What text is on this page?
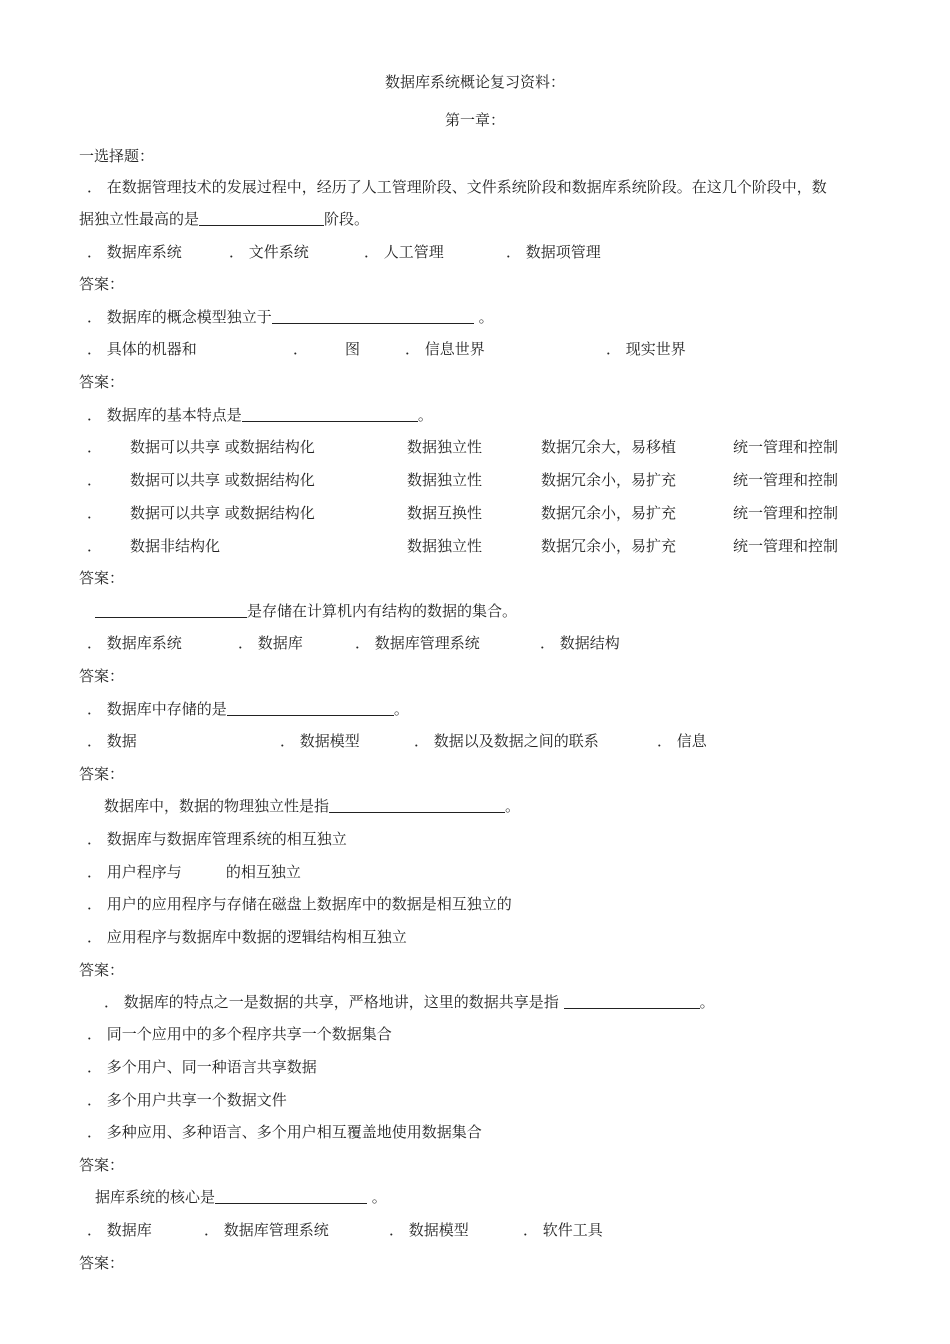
数据库系统概论复习资料：
第一章：
一选择题：
． 在数据管理技术的发展过程中，经历了人工管理阶段、文件系统阶段和数据库系统阶段。在这几个阶段中，数
据独立性最高的是	阶段。
． 数据库系统	． 文件系统	． 人工管理	． 数据项管理
答案：
． 数据库的概念模型独立于	。
． 具体的机器和	． 图	． 信息世界	． 现实世界
答案：
． 数据库的基本特点是	。
． 数据可以共享 或数据结构化	数据独立性	数据冗余大，易移植	统一管理和控制
． 数据可以共享 或数据结构化	数据独立性	数据冗余小，易扩充	统一管理和控制
． 数据可以共享 或数据结构化	数据互换性	数据冗余小，易扩充	统一管理和控制
． 数据非结构化	数据独立性	数据冗余小，易扩充	统一管理和控制
答案：
是存储在计算机内有结构的数据的集合。
． 数据库系统	． 数据库	． 数据库管理系统	． 数据结构
答案：
． 数据库中存储的是	。
． 数据	． 数据模型	． 数据以及数据之间的联系	． 信息
答案：
数据库中，数据的物理独立性是指	。
． 数据库与数据库管理系统的相互独立
． 用户程序与	的相互独立
． 用户的应用程序与存储在磁盘上数据库中的数据是相互独立的
． 应用程序与数据库中数据的逻辑结构相互独立
答案：
． 数据库的特点之一是数据的共享，严格地讲，这里的数据共享是指	。
． 同一个应用中的多个程序共享一个数据集合
． 多个用户、同一种语言共享数据
． 多个用户共享一个数据文件
． 多种应用、多种语言、多个用户相互覆盖地使用数据集合
答案：
据库系统的核心是	。
． 数据库	． 数据库管理系统	． 数据模型	． 软件工具
答案：
